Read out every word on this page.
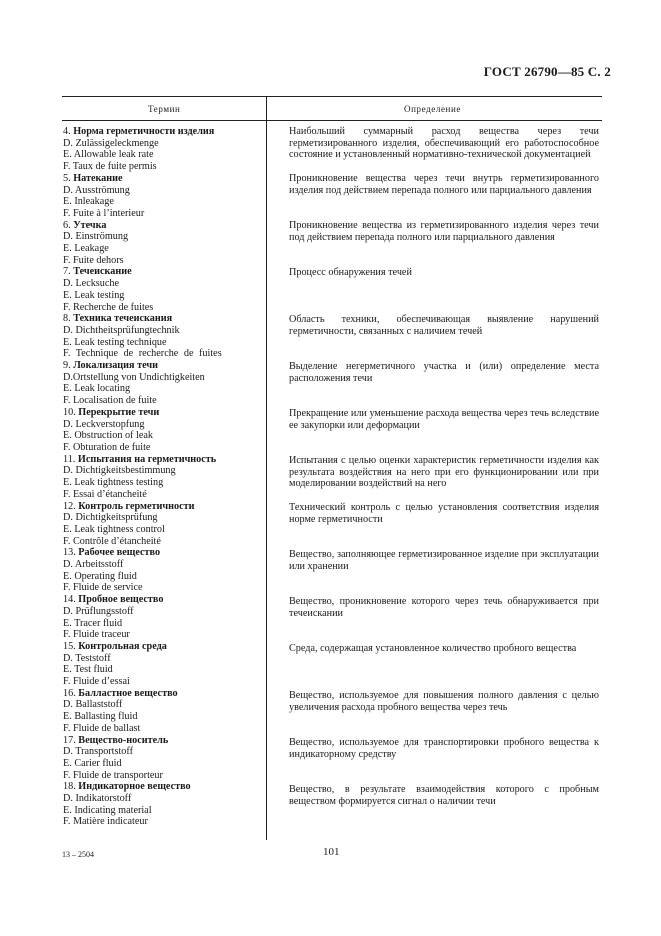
ГОСТ 26790—85 С. 2
Термин	Определение
4. Норма герметичности изделия
D. Zulässigeleckmenge
E. Allowable leak rate
F. Taux de fuite permis
5. Натекание
D. Ausströmung
E. Inleakage
F. Fuite à l’interieur
6. Утечка
D. Einströmung
E. Leakage
F. Fuite dehors
7. Течеискание
D. Lecksuche
E. Leak testing
F. Recherche de fuites
8. Техника течеискания
D. Dichtheitsprüfungtechnik
E. Leak testing technique
F. Technique de recherche de fuites
9. Локализация течи
D.Ortstellung von Undichtigkeiten
E. Leak locating
F. Localisation de fuite
10. Перекрытие течи
D. Leckverstopfung
E. Obstruction of leak
F. Obturation de fuite
11. Испытания на герметичность
D. Dichtigkeitsbestimmung
E. Leak tightness testing
F. Essai d’étancheité
12. Контроль герметичности
D. Dichtigkeitsprüfung
E. Leak tightness control
F. Contrôle d’étancheité
13. Рабочее вещество
D. Arbeitsstoff
E. Operating fluid
F. Fluide de service
14. Пробное вещество
D. Prüflungsstoff
E. Tracer fluid
F. Fluide traceur
15. Контрольная среда
D. Teststoff
E. Test fluid
F. Fluide d’essai
16. Балластное вещество
D. Ballaststoff
E. Ballasting fluid
F. Fluide de ballast
17. Вещество-носитель
D. Transportstoff
E. Carier fluid
F. Fluide de transporteur
18. Индикаторное вещество
D. Indikatorstoff
E. Indicating material
F. Matière indicateur
Наибольший суммарный расход вещества через течи герметизированного изделия, обеспечивающий его работоспособное состояние и установленный нормативно-технической документацией
Проникновение вещества через течи внутрь герметизированного изделия под действием перепада полного или парциального давления
Проникновение вещества из герметизированного изделия через течи под действием перепада полного или парциального давления
Процесс обнаружения течей
Область техники, обеспечивающая выявление нарушений герметичности, связанных с наличием течей
Выделение негерметичного участка и (или) определение места расположения течи
Прекращение или уменьшение расхода вещества через течь вследствие ее закупорки или деформации
Испытания с целью оценки характеристик герметичности изделия как результата воздействия на него при его функционировании или при моделировании воздействий на него
Технический контроль с целью установления соответствия изделия норме герметичности
Вещество, заполняющее герметизированное изделие при эксплуатации или хранении
Вещество, проникновение которого через течь обнаруживается при течеискании
Среда, содержащая установленное количество пробного вещества
Вещество, используемое для повышения полного давления с целью увеличения расхода пробного вещества через течь
Вещество, используемое для транспортировки пробного вещества к индикаторному средству
Вещество, в результате взаимодействия которого с пробным веществом формируется сигнал о наличии течи
13 – 2504	101
